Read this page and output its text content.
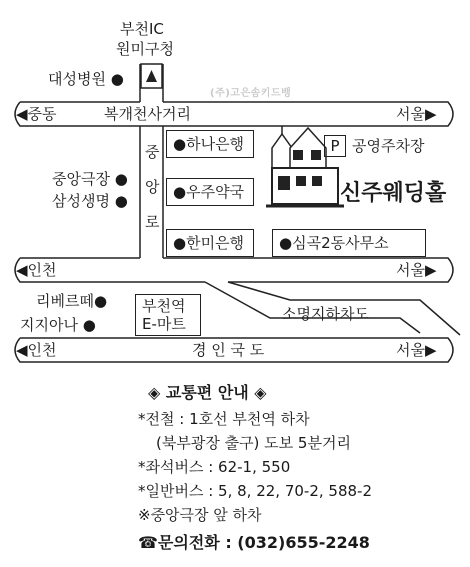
부천IC
원미구청
(주)고은솜키드뱅
대성병원 ●
◀중동	복개천사거리	서울▶
중
앙
로
●하나은행
●우주약국
●한미은행	●심곡2동사무소
중앙극장 ●
삼성생명 ●
P 공영주차장
신주웨딩홀
◀인천	서울▶
리베르떼●
지지아나 ●
부천역
E-마트
소명지하차도
◀인천	경 인 국 도	서울▶
◈ 교통편 안내 ◈
*전철 : 1호선 부천역 하차
(북부광장 출구) 도보 5분거리
*좌석버스 : 62-1, 550
*일반버스 : 5, 8, 22, 70-2, 588-2
※중앙극장 앞 하차
☎문의전화 : (032)655-2248
